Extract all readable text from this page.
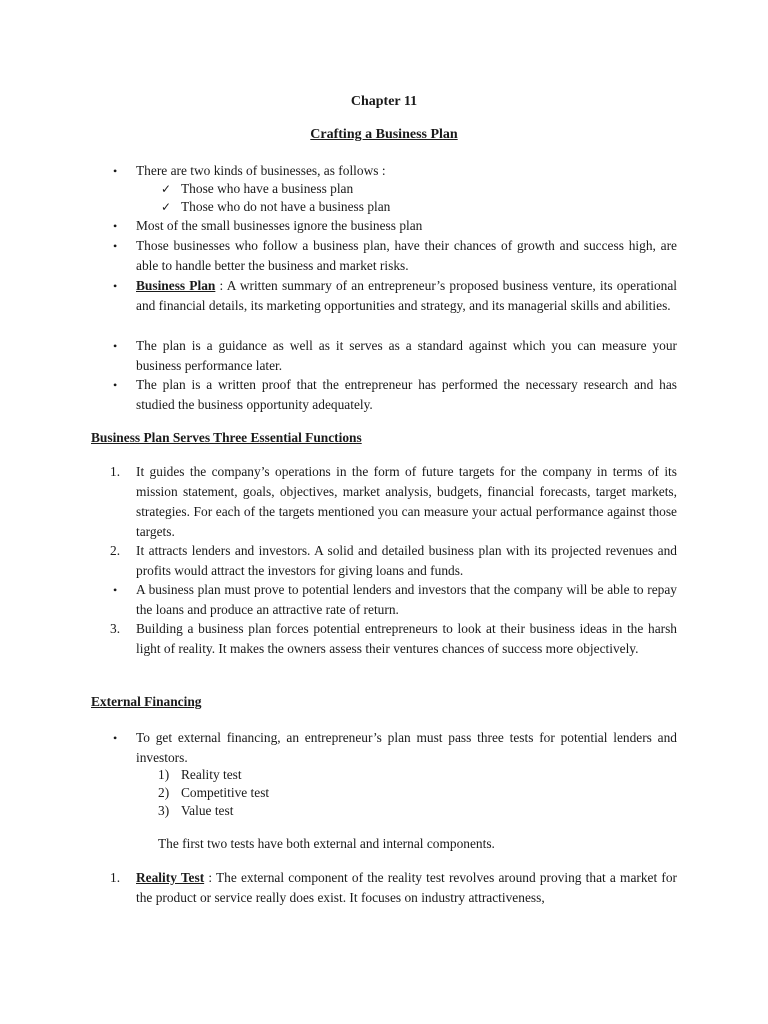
Chapter 11
Crafting a Business Plan
• There are two kinds of businesses, as follows :
✓ Those who have a business plan
✓ Those who do not have a business plan
• Most of the small businesses ignore the business plan
• Those businesses who follow a business plan, have their chances of growth and success high, are able to handle better the business and market risks.
• Business Plan : A written summary of an entrepreneur’s proposed business venture, its operational and financial details, its marketing opportunities and strategy, and its managerial skills and abilities.
• The plan is a guidance as well as it serves as a standard against which you can measure your business performance later.
• The plan is a written proof that the entrepreneur has performed the necessary research and has studied the business opportunity adequately.
Business Plan Serves Three Essential Functions
1. It guides the company’s operations in the form of future targets for the company in terms of its mission statement, goals, objectives, market analysis, budgets, financial forecasts, target markets, strategies. For each of the targets mentioned you can measure your actual performance against those targets.
2. It attracts lenders and investors. A solid and detailed business plan with its projected revenues and profits would attract the investors for giving loans and funds.
• A business plan must prove to potential lenders and investors that the company will be able to repay the loans and produce an attractive rate of return.
3. Building a business plan forces potential entrepreneurs to look at their business ideas in the harsh light of reality. It makes the owners assess their ventures chances of success more objectively.
External Financing
• To get external financing, an entrepreneur’s plan must pass three tests for potential lenders and investors.
1) Reality test
2) Competitive test
3) Value test
The first two tests have both external and internal components.
1. Reality Test : The external component of the reality test revolves around proving that a market for the product or service really does exist. It focuses on industry attractiveness,
